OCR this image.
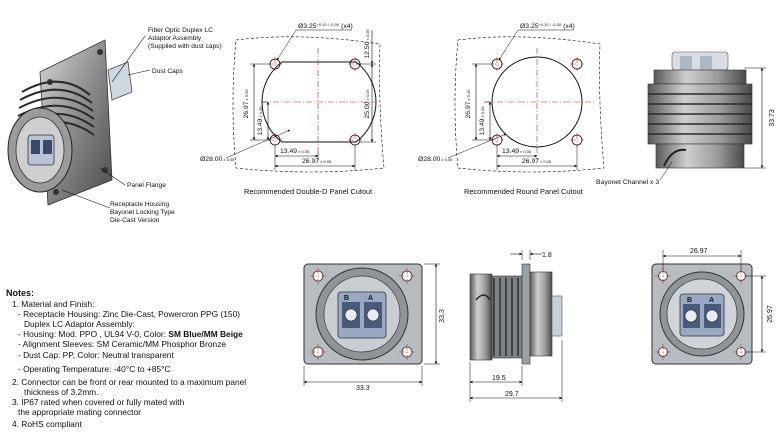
Fiber Optic Duplex LC Adaptor Assembly (Supplied with dust caps)
Dust Caps
Panel Flange
Receptacle Housing Bayonet Locking Type Die-Cast Version
$Ø3.25^{+0.10 / -0.00}$ (x4)
26.97± 0.05
13.49± 0.05
12.50± 0.05
25.00± 0.05
13.49± 0.05
26.97± 0.05
Ø28.00± 0.05
Recommended Double-D Panel Cutout
$Ø3.25^{+0.10 / -0.00}$ (x4)
26.97± 0.05
13.49± 0.05
13.49± 0.05
26.97± 0.05
Ø28.00± 0.05
Recommended Round Panel Cutout
33.73
Bayonet Channel x 3
B	A
33.3
33.3
1.8
19.5
29.7
B A
26.97
26.97
Notes:
1. Material and Finish:
- Receptacle Housing: Zinc Die-Cast, Powercron PPG (150)
Duplex LC Adaptor Assembly:
- Housing: Mod. PPO , UL94 V-0, Color: SM Blue/MM Beige
- Alignment Sleeves: SM Ceramic/MM Phosphor Bronze
- Dust Cap: PP, Color: Neutral transparent
- Operating Temperature: -40°C to +85°C
2. Connector can be front or rear mounted to a maximum panel
thickness of 3.2mm.
3. IP67 rated when covered or fully mated with
the appropriate mating connector
4. RoHS compliant
